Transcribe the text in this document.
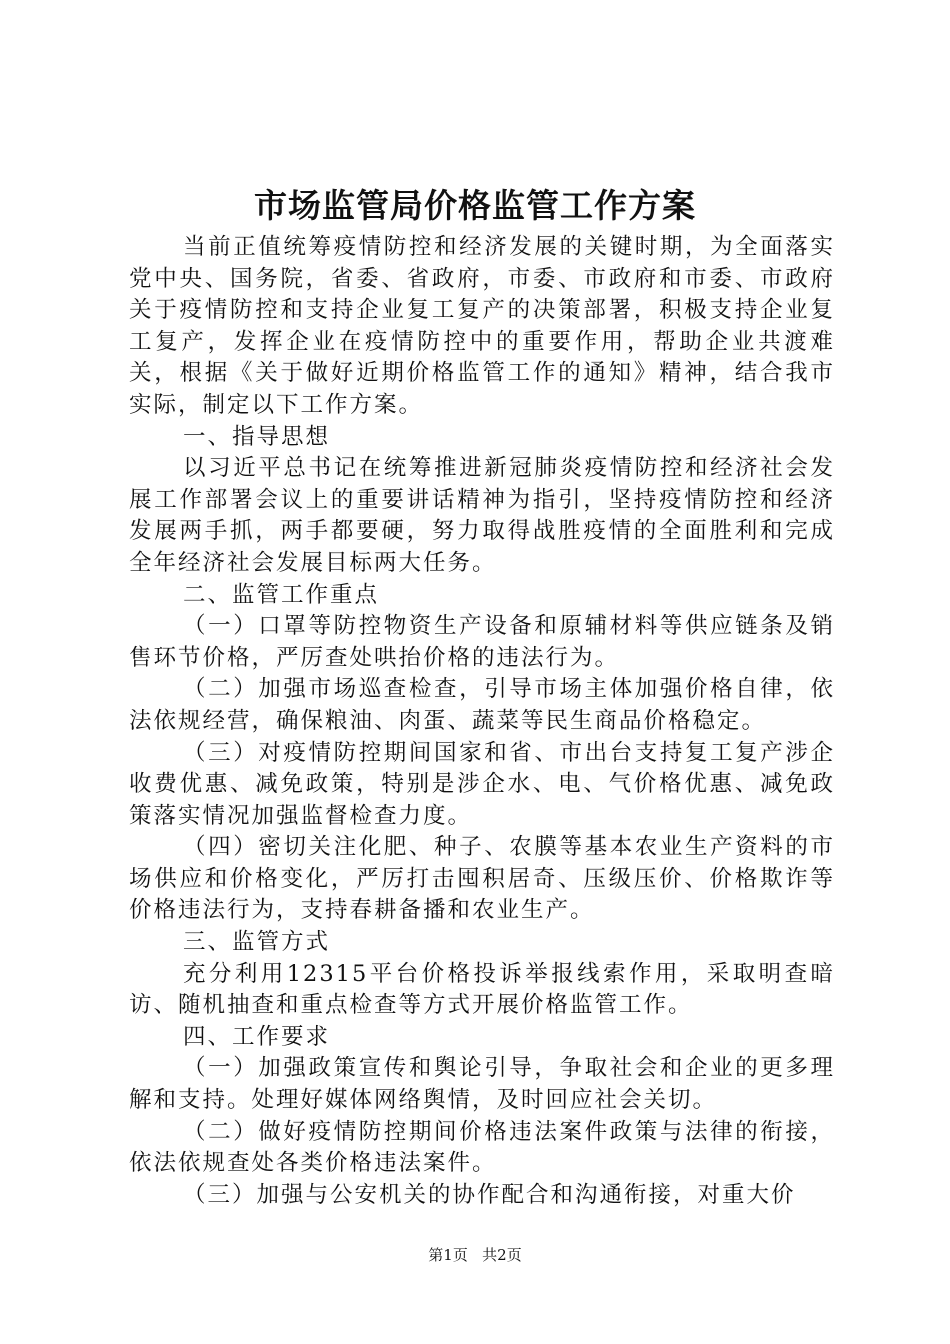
市场监管局价格监管工作方案

当前正值统筹疫情防控和经济发展的关键时期，为全面落实党中央、国务院，省委、省政府，市委、市政府和市委、市政府关于疫情防控和支持企业复工复产的决策部署，积极支持企业复工复产，发挥企业在疫情防控中的重要作用，帮助企业共渡难关，根据《关于做好近期价格监管工作的通知》精神，结合我市实际，制定以下工作方案。

一、指导思想

以习近平总书记在统筹推进新冠肺炎疫情防控和经济社会发展工作部署会议上的重要讲话精神为指引，坚持疫情防控和经济发展两手抓，两手都要硬，努力取得战胜疫情的全面胜利和完成全年经济社会发展目标两大任务。

二、监管工作重点

（一）口罩等防控物资生产设备和原辅材料等供应链条及销售环节价格，严厉查处哄抬价格的违法行为。

（二）加强市场巡查检查，引导市场主体加强价格自律，依法依规经营，确保粮油、肉蛋、蔬菜等民生商品价格稳定。

（三）对疫情防控期间国家和省、市出台支持复工复产涉企收费优惠、减免政策，特别是涉企水、电、气价格优惠、减免政策落实情况加强监督检查力度。

（四）密切关注化肥、种子、农膜等基本农业生产资料的市场供应和价格变化，严厉打击囤积居奇、压级压价、价格欺诈等价格违法行为，支持春耕备播和农业生产。

三、监管方式

充分利用12315平台价格投诉举报线索作用，采取明查暗访、随机抽查和重点检查等方式开展价格监管工作。

四、工作要求

（一）加强政策宣传和舆论引导，争取社会和企业的更多理解和支持。处理好媒体网络舆情，及时回应社会关切。

（二）做好疫情防控期间价格违法案件政策与法律的衔接，依法依规查处各类价格违法案件。

（三）加强与公安机关的协作配合和沟通衔接，对重大价

第1页 共2页
